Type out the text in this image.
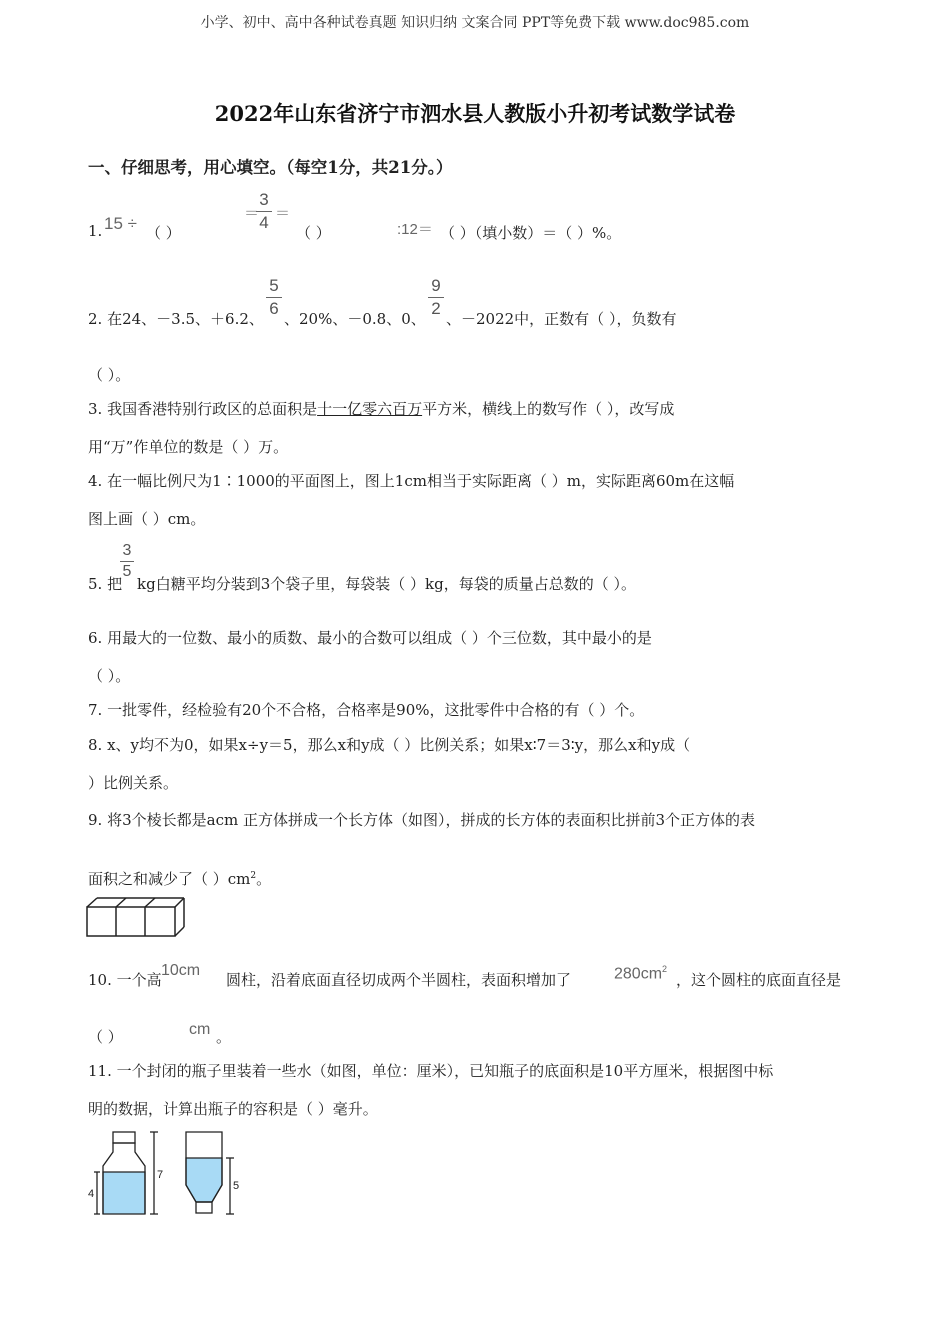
小学、初中、高中各种试卷真题 知识归纳 文案合同 PPT等免费下载 www.doc985.com
2022年山东省济宁市泗水县人教版小升初考试数学试卷
一、仔细思考，用心填空。（每空1分，共21分。）
1. 15 ÷ （ ）
＝
3
4 ＝
（ ）	:12＝ （ ）（填小数）＝（ ）%。
2. 在24、－3.5、＋6.2、
5
6
、20%、－0.8、0、
9
2
、－2022中，正数有（ ），负数有
（ ）。
3. 我国香港特别行政区的总面积是十一亿零六百万平方米，横线上的数写作（ ），改写成
用“万”作单位的数是（ ）万。
4. 在一幅比例尺为1∶1000的平面图上，图上1cm相当于实际距离（ ）m，实际距离60m在这幅
图上画（ ）cm。
5. 把
3
5
kg白糖平均分装到3个袋子里，每袋装（ ）kg，每袋的质量占总数的（ ）。
6. 用最大的一位数、最小的质数、最小的合数可以组成（ ）个三位数，其中最小的是
（ ）。
7. 一批零件，经检验有20个不合格，合格率是90%，这批零件中合格的有（ ）个。
8. x、y均不为0，如果x÷y＝5，那么x和y成（ ）比例关系；如果x∶7＝3∶y，那么x和y成（
）比例关系。
9. 将3个棱长都是acm 正方体拼成一个长方体（如图），拼成的长方体的表面积比拼前3个正方体的表
面积之和减少了（ ）$cm^2$。
10. 一个高
10cm
圆柱，沿着底面直径切成两个半圆柱，表面积增加了	$280cm^2$
，这个圆柱的底面直径是
（ ）	cm 。
11. 一个封闭的瓶子里装着一些水（如图，单位：厘米），已知瓶子的底面积是10平方厘米，根据图中标
明的数据，计算出瓶子的容积是（ ）毫升。
4
7
5
